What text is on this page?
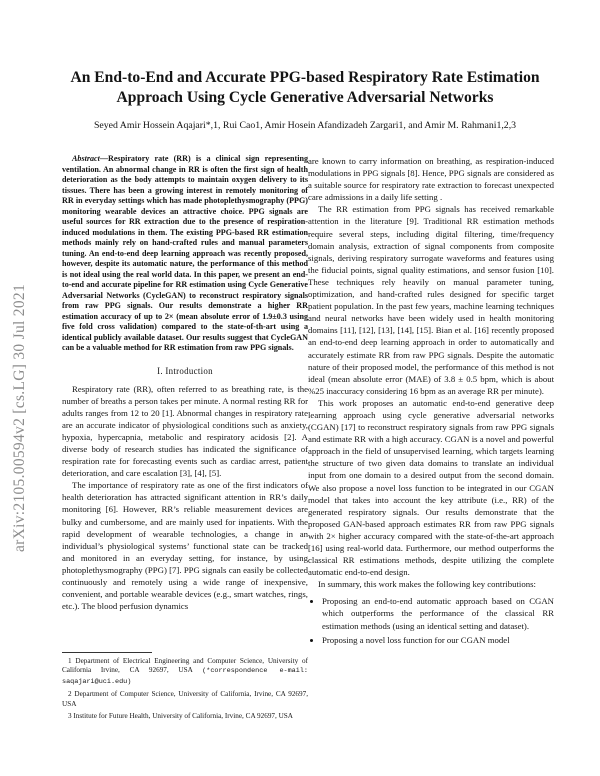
arXiv:2105.00594v2 [cs.LG] 30 Jul 2021
An End-to-End and Accurate PPG-based Respiratory Rate Estimation
Approach Using Cycle Generative Adversarial Networks
Seyed Amir Hossein Aqajari*,1, Rui Cao1, Amir Hosein Afandizadeh Zargari1, and Amir M. Rahmani1,2,3

Abstract—Respiratory rate (RR) is a clinical sign representing ventilation. An abnormal change in RR is often the first sign of health deterioration as the body attempts to maintain oxygen delivery to its tissues. There has been a growing interest in remotely monitoring of RR in everyday settings which has made photoplethysmography (PPG) monitoring wearable devices an attractive choice. PPG signals are useful sources for RR extraction due to the presence of respiration-induced modulations in them. The existing PPG-based RR estimation methods mainly rely on hand-crafted rules and manual parameters tuning. An end-to-end deep learning approach was recently proposed, however, despite its automatic nature, the performance of this method is not ideal using the real world data. In this paper, we present an end-to-end and accurate pipeline for RR estimation using Cycle Generative Adversarial Networks (CycleGAN) to reconstruct respiratory signals from raw PPG signals. Our results demonstrate a higher RR estimation accuracy of up to 2× (mean absolute error of 1.9±0.3 using five fold cross validation) compared to the state-of-th-art using a identical publicly available dataset. Our results suggest that CycleGAN can be a valuable method for RR estimation from raw PPG signals.

I. Introduction

Respiratory rate (RR), often referred to as breathing rate, is the number of breaths a person takes per minute. A normal resting RR for adults ranges from 12 to 20 [1]. Abnormal changes in respiratory rate are an accurate indicator of physiological conditions such as anxiety, hypoxia, hypercapnia, metabolic and respiratory acidosis [2]. A diverse body of research studies has indicated the significance of respiration rate for forecasting events such as cardiac arrest, patient deterioration, and care escalation [3], [4], [5].

The importance of respiratory rate as one of the first indicators of health deterioration has attracted significant attention in RR’s daily monitoring [6]. However, RR’s reliable measurement devices are bulky and cumbersome, and are mainly used for inpatients. With the rapid development of wearable technologies, a change in an individual’s physiological systems’ functional state can be tracked and monitored in an everyday setting, for instance, by using photoplethysmography (PPG) [7]. PPG signals can easily be collected continuously and remotely using a wide range of inexpensive, convenient, and portable wearable devices (e.g., smart watches, rings, etc.). The blood perfusion dynamics

1 Department of Electrical Engineering and Computer Science, University of California Irvine, CA 92697, USA (*correspondence e-mail: saqajari@uci.edu)

2 Department of Computer Science, University of California, Irvine, CA 92697, USA

3 Institute for Future Health, University of California, Irvine, CA 92697, USA

are known to carry information on breathing, as respiration-induced modulations in PPG signals [8]. Hence, PPG signals are considered as a suitable source for respiratory rate extraction to forecast unexpected care admissions in a daily life setting .

The RR estimation from PPG signals has received remarkable attention in the literature [9]. Traditional RR estimation methods require several steps, including digital filtering, time/frequency domain analysis, extraction of signal components from composite signals, deriving respiratory surrogate waveforms and features using the fiducial points, signal quality estimations, and sensor fusion [10]. These techniques rely heavily on manual parameter tuning, optimization, and hand-crafted rules designed for specific target patient population. In the past few years, machine learning techniques and neural networks have been widely used in health monitoring domains [11], [12], [13], [14], [15]. Bian et al. [16] recently proposed an end-to-end deep learning approach in order to automatically and accurately estimate RR from raw PPG signals. Despite the automatic nature of their proposed model, the performance of this method is not ideal (mean absolute error (MAE) of 3.8 ± 0.5 bpm, which is about %25 inaccuracy considering 16 bpm as an average RR per minute).

This work proposes an automatic end-to-end generative deep learning approach using cycle generative adversarial networks (CGAN) [17] to reconstruct respiratory signals from raw PPG signals and estimate RR with a high accuracy. CGAN is a novel and powerful approach in the field of unsupervised learning, which targets learning the structure of two given data domains to translate an individual input from one domain to a desired output from the second domain. We also propose a novel loss function to be integrated in our CGAN model that takes into account the key attribute (i.e., RR) of the generated respiratory signals. Our results demonstrate that the proposed GAN-based approach estimates RR from raw PPG signals with 2× higher accuracy compared with the state-of-the-art approach [16] using real-world data. Furthermore, our method outperforms the classical RR estimations methods, despite utilizing the complete automatic end-to-end design.

In summary, this work makes the following key contributions:

• Proposing an end-to-end automatic approach based on CGAN which outperforms the performance of the classical RR estimation methods (using an identical setting and dataset).
• Proposing a novel loss function for our CGAN model
